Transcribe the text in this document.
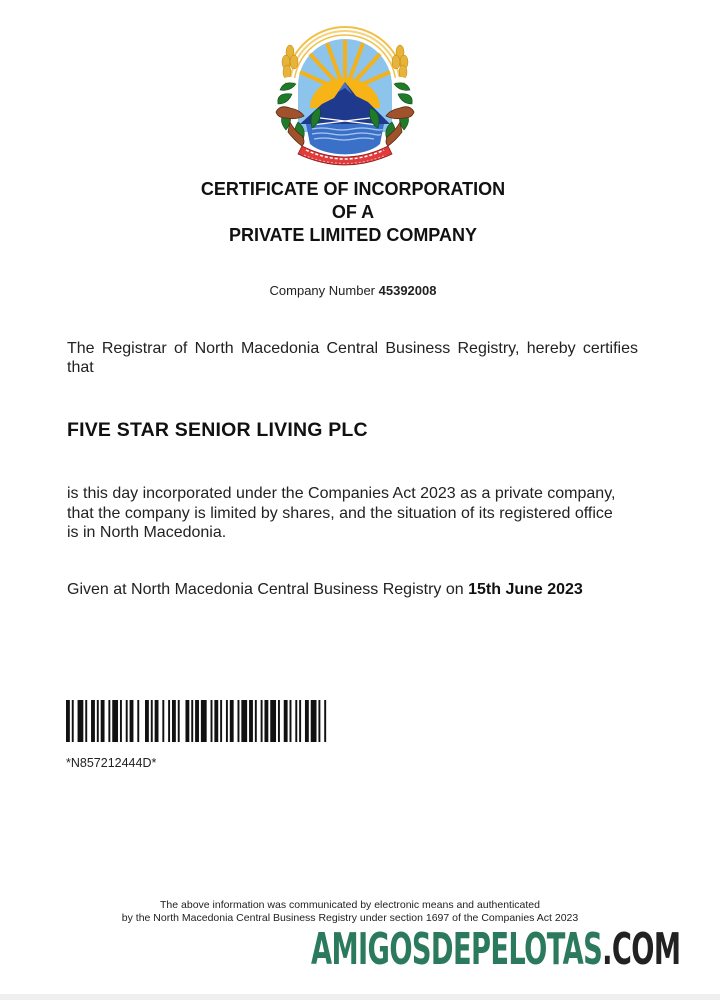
CERTIFICATE OF INCORPORATION
OF A
PRIVATE LIMITED COMPANY
Company Number 45392008
The Registrar of North Macedonia Central Business Registry, hereby certifies that
FIVE STAR SENIOR LIVING PLC
is this day incorporated under the Companies Act 2023 as a private company, that the company is limited by shares, and the situation of its registered office is in North Macedonia.
Given at North Macedonia Central Business Registry on 15th June 2023
*N857212444D*
The above information was communicated by electronic means and authenticated
by the North Macedonia Central Business Registry under section 1697 of the Companies Act 2023
AMIGOSDEPELOTAS.COM
